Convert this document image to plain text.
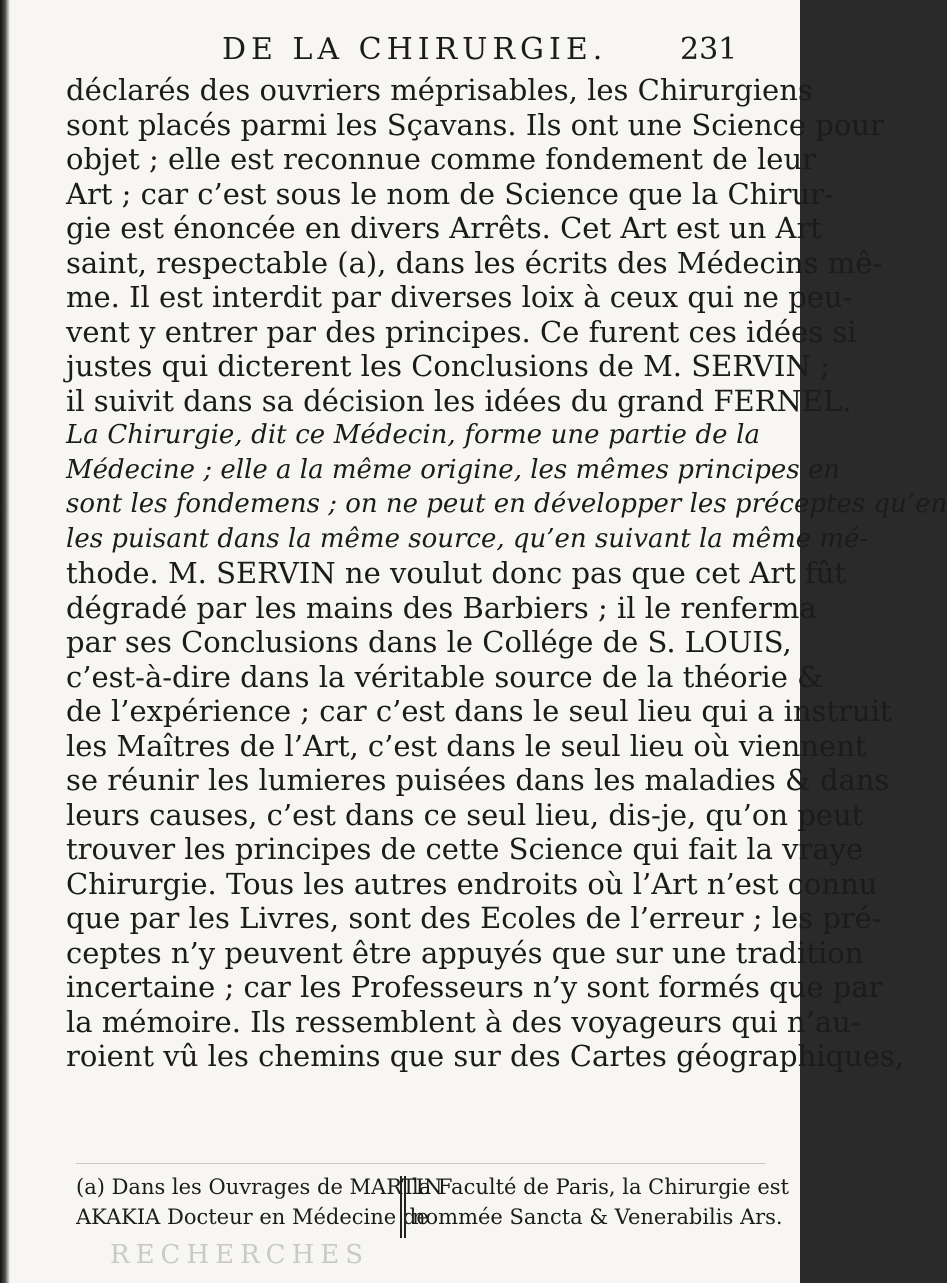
DE LA CHIRURGIE. 231
déclarés des ouvriers méprisables, les Chirurgiens
sont placés parmi les Sçavans. Ils ont une Science pour
objet ; elle est reconnue comme fondement de leur
Art ; car c’est sous le nom de Science que la Chirur-
gie est énoncée en divers Arrêts. Cet Art est un Art
saint, respectable (a), dans les écrits des Médecins mê-
me. Il est interdit par diverses loix à ceux qui ne peu-
vent y entrer par des principes. Ce furent ces idées si
justes qui dicterent les Conclusions de M. SERVIN ;
il suivit dans sa décision les idées du grand FERNEL.
La Chirurgie, dit ce Médecin, forme une partie de la
Médecine ; elle a la même origine, les mêmes principes en
sont les fondemens ; on ne peut en développer les préceptes qu’en
les puisant dans la même source, qu’en suivant la même mé-
thode. M. SERVIN ne voulut donc pas que cet Art fût
dégradé par les mains des Barbiers ; il le renferma
par ses Conclusions dans le Collége de S. LOUIS,
c’est-à-dire dans la véritable source de la théorie &
de l’expérience ; car c’est dans le seul lieu qui a instruit
les Maîtres de l’Art, c’est dans le seul lieu où viennent
se réunir les lumieres puisées dans les maladies & dans
leurs causes, c’est dans ce seul lieu, dis-je, qu’on peut
trouver les principes de cette Science qui fait la vraye
Chirurgie. Tous les autres endroits où l’Art n’est connu
que par les Livres, sont des Ecoles de l’erreur ; les pré-
ceptes n’y peuvent être appuyés que sur une tradition
incertaine ; car les Professeurs n’y sont formés que par
la mémoire. Ils ressemblent à des voyageurs qui n’au-
roient vû les chemins que sur des Cartes géographiques,
(a) Dans les Ouvrages de MARTIN
AKAKIA Docteur en Médecine de
la Faculté de Paris, la Chirurgie est
nommée Sancta & Venerabilis Ars.
RECHERCHES
